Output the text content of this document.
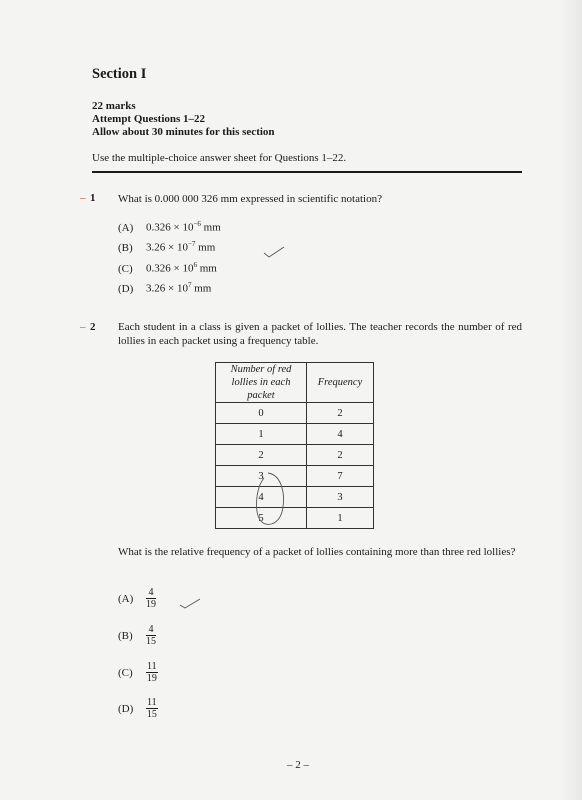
Section I
22 marks
Attempt Questions 1–22
Allow about 30 minutes for this section
Use the multiple-choice answer sheet for Questions 1–22.
– 1 What is 0.000 000 326 mm expressed in scientific notation?
(A) $0.326 \times 10^{-6}$ mm
(B) $3.26 \times 10^{-7}$ mm
(C) $0.326 \times 10^6$ mm
(D) $3.26 \times 10^7$ mm
– 2 Each student in a class is given a packet of lollies. The teacher records the number of red lollies in each packet using a frequency table.
Number of red lollies in each packet	Frequency
0	2
1	4
2	2
3	7
4	3
5	1
What is the relative frequency of a packet of lollies containing more than three red lollies?
$(A) \frac{4}{19}$
$(B) \frac{4}{15}$
$(C) \frac{11}{19}$
$(D) \frac{11}{15}$
– 2 –
